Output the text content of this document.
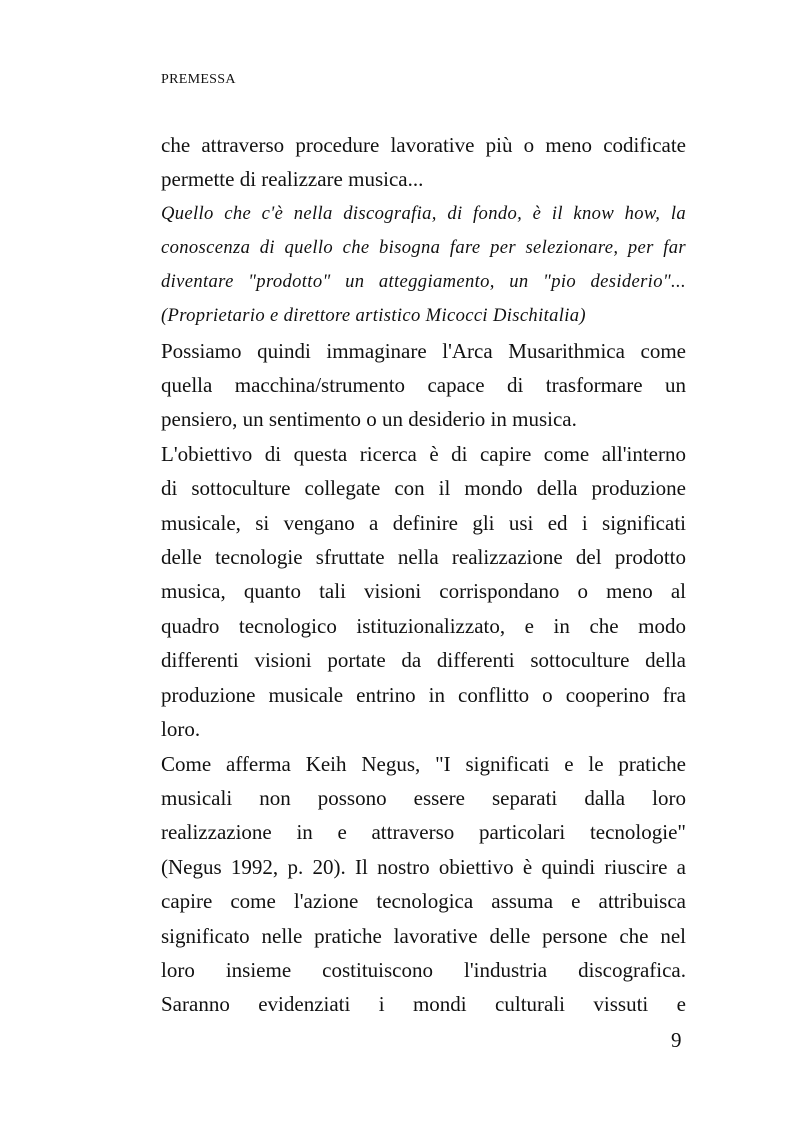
PREMESSA

che attraverso procedure lavorative più o meno codificate
permette di realizzare musica...

Quello che c'è nella discografia, di fondo, è il know how, la
conoscenza di quello che bisogna fare per selezionare, per far
diventare "prodotto" un atteggiamento, un "pio desiderio"...
(Proprietario e direttore artistico Micocci Dischitalia)

Possiamo quindi immaginare l'Arca Musarithmica come
quella macchina/strumento capace di trasformare un
pensiero, un sentimento o un desiderio in musica.

L'obiettivo di questa ricerca è di capire come all'interno
di sottoculture collegate con il mondo della produzione
musicale, si vengano a definire gli usi ed i significati
delle tecnologie sfruttate nella realizzazione del prodotto
musica, quanto tali visioni corrispondano o meno al
quadro tecnologico istituzionalizzato, e in che modo
differenti visioni portate da differenti sottoculture della
produzione musicale entrino in conflitto o cooperino fra
loro.

Come afferma Keih Negus, "I significati e le pratiche
musicali non possono essere separati dalla loro
realizzazione in e attraverso particolari tecnologie"
(Negus 1992, p. 20). Il nostro obiettivo è quindi riuscire a
capire come l'azione tecnologica assuma e attribuisca
significato nelle pratiche lavorative delle persone che nel
loro insieme costituiscono l'industria discografica.
Saranno evidenziati i mondi culturali vissuti e

9
